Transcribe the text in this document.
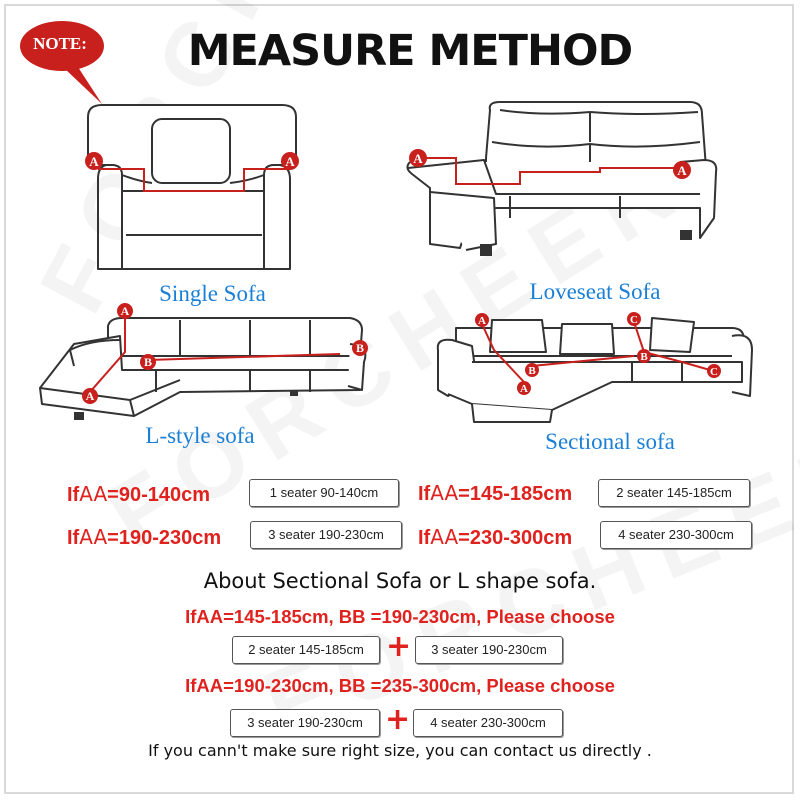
NOTE:	MEASURE METHOD
A	A
Single Sofa
A
A
Loveseat Sofa
A
A
B
B
L-style sofa
A
A
B
B
C
C
Sectional sofa
IfAA=90-140cm	1 seater 90-140cm	IfAA=145-185cm	2 seater 145-185cm
IfAA=190-230cm	3 seater 190-230cm	IfAA=230-300cm	4 seater 230-300cm
About Sectional Sofa or L shape sofa.
IfAA=145-185cm, BB =190-230cm, Please choose
2 seater 145-185cm +	3 seater 190-230cm
IfAA=190-230cm, BB =235-300cm, Please choose
3 seater 190-230cm +	4 seater 230-300cm
If you cann't make sure right size, you can contact us directly .
